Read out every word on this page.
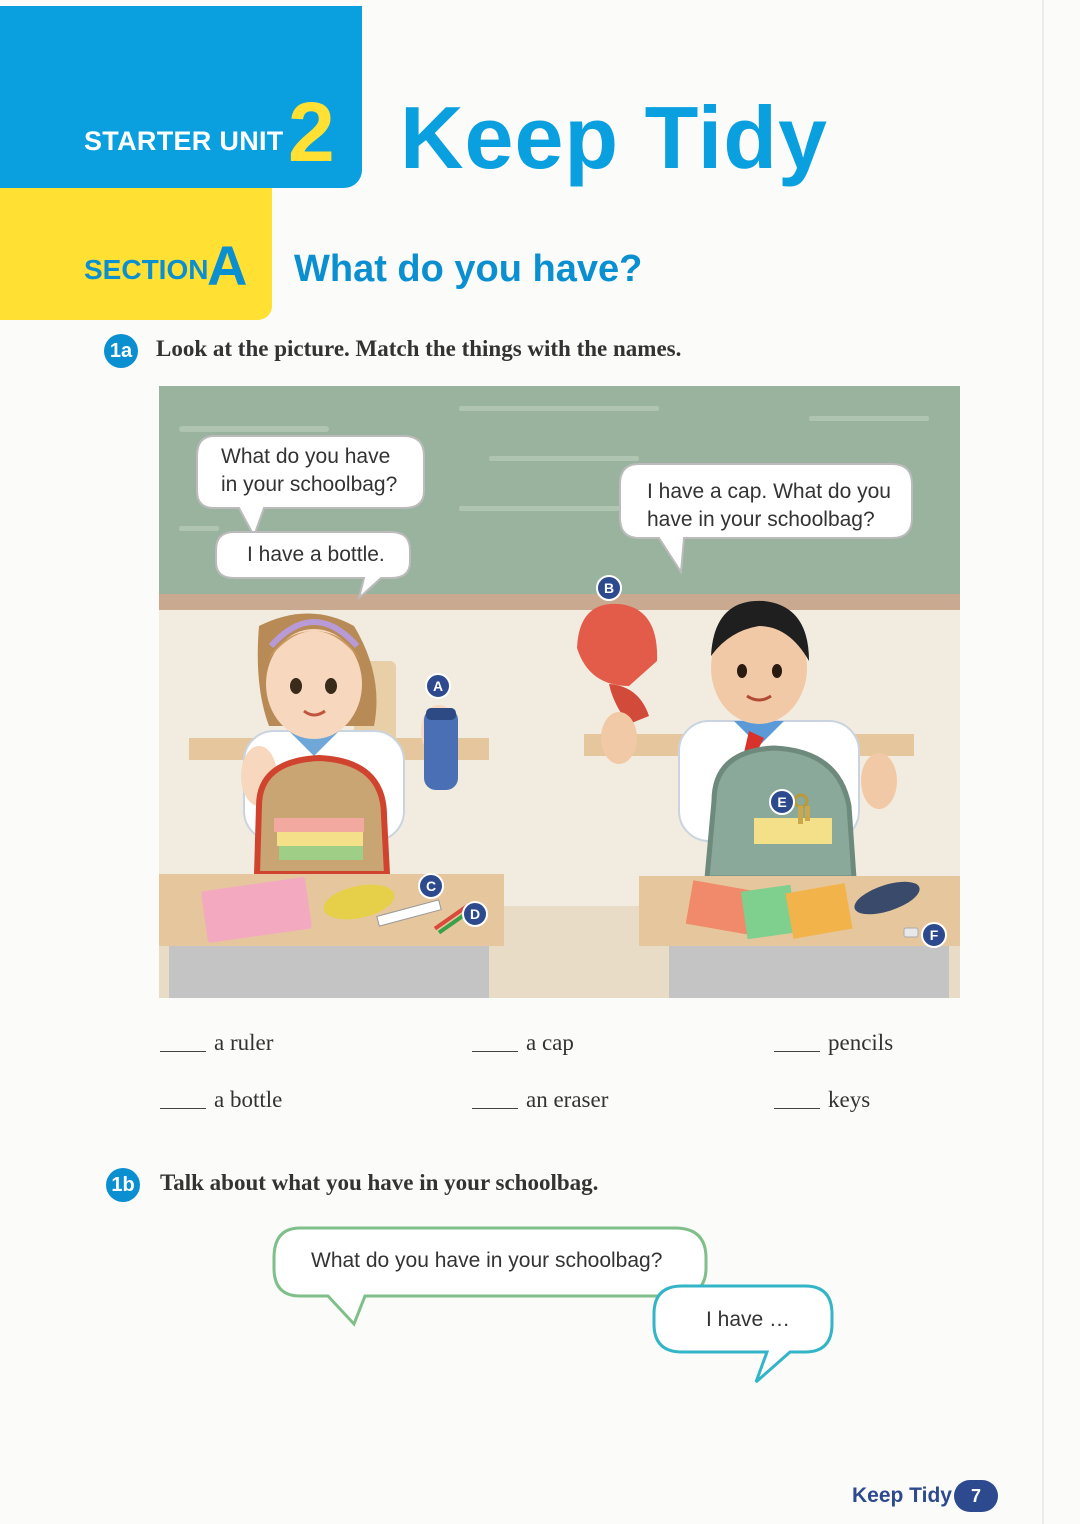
STARTER UNIT 2 Keep Tidy
SECTION
A What do you have?
1a Look at the picture. Match the things with the names.
What do you have
in your schoolbag?
I have a bottle.
I have a cap. What do you
have in your schoolbag?
A
B
C
D
E
F
a ruler	a cap	pencils
a bottle	an eraser	keys
1b Talk about what you have in your schoolbag.
What do you have in your schoolbag?
I have …
Keep Tidy	7
